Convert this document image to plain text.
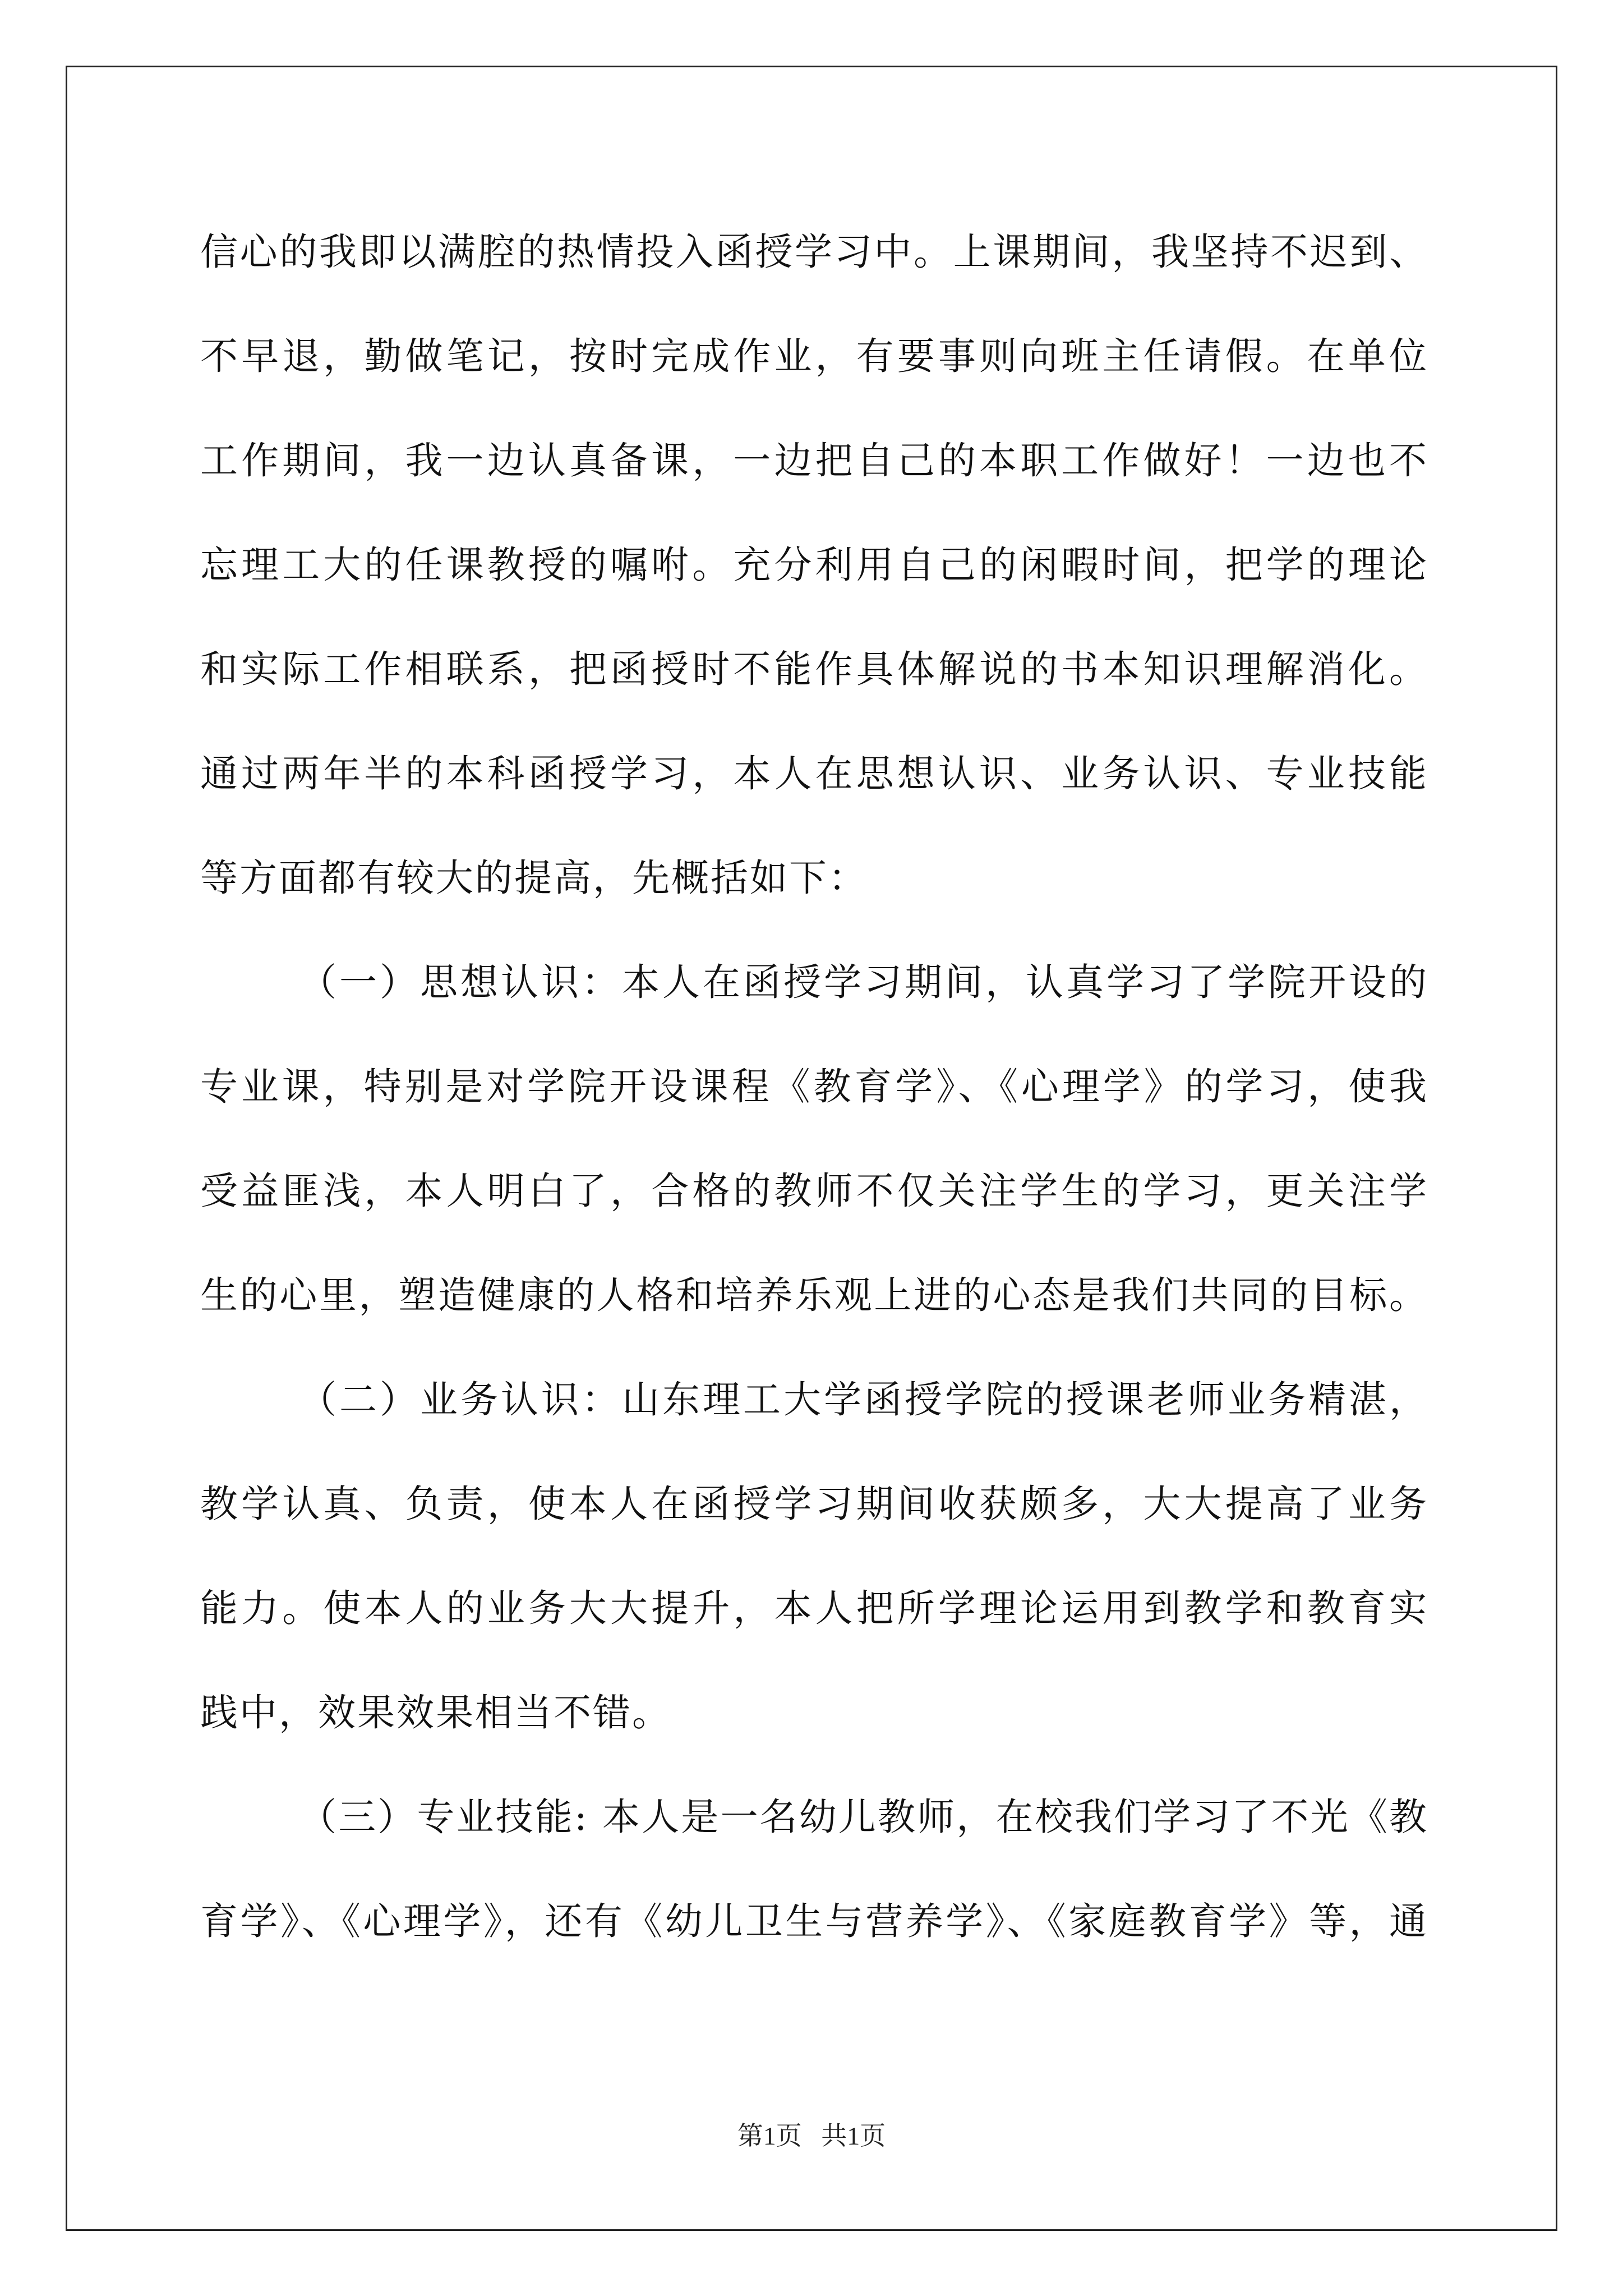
信心的我即以满腔的热情投入函授学习中。上课期间，我坚持不迟到、
不早退，勤做笔记，按时完成作业，有要事则向班主任请假。在单位
工作期间，我一边认真备课，一边把自己的本职工作做好！一边也不
忘理工大的任课教授的嘱咐。充分利用自己的闲暇时间，把学的理论
和实际工作相联系，把函授时不能作具体解说的书本知识理解消化。
通过两年半的本科函授学习，本人在思想认识、业务认识、专业技能
等方面都有较大的提高，先概括如下：
（一）思想认识：本人在函授学习期间，认真学习了学院开设的
专业课，特别是对学院开设课程《教育学》、《心理学》的学习，使我
受益匪浅，本人明白了，合格的教师不仅关注学生的学习，更关注学
生的心里，塑造健康的人格和培养乐观上进的心态是我们共同的目标。
（二）业务认识：山东理工大学函授学院的授课老师业务精湛，
教学认真、负责，使本人在函授学习期间收获颇多，大大提高了业务
能力。使本人的业务大大提升，本人把所学理论运用到教学和教育实
践中，效果效果相当不错。
（三）专业技能: 本人是一名幼儿教师，在校我们学习了不光《教
育学》、《心理学》，还有《幼儿卫生与营养学》、《家庭教育学》等，通
第1页   共1页
